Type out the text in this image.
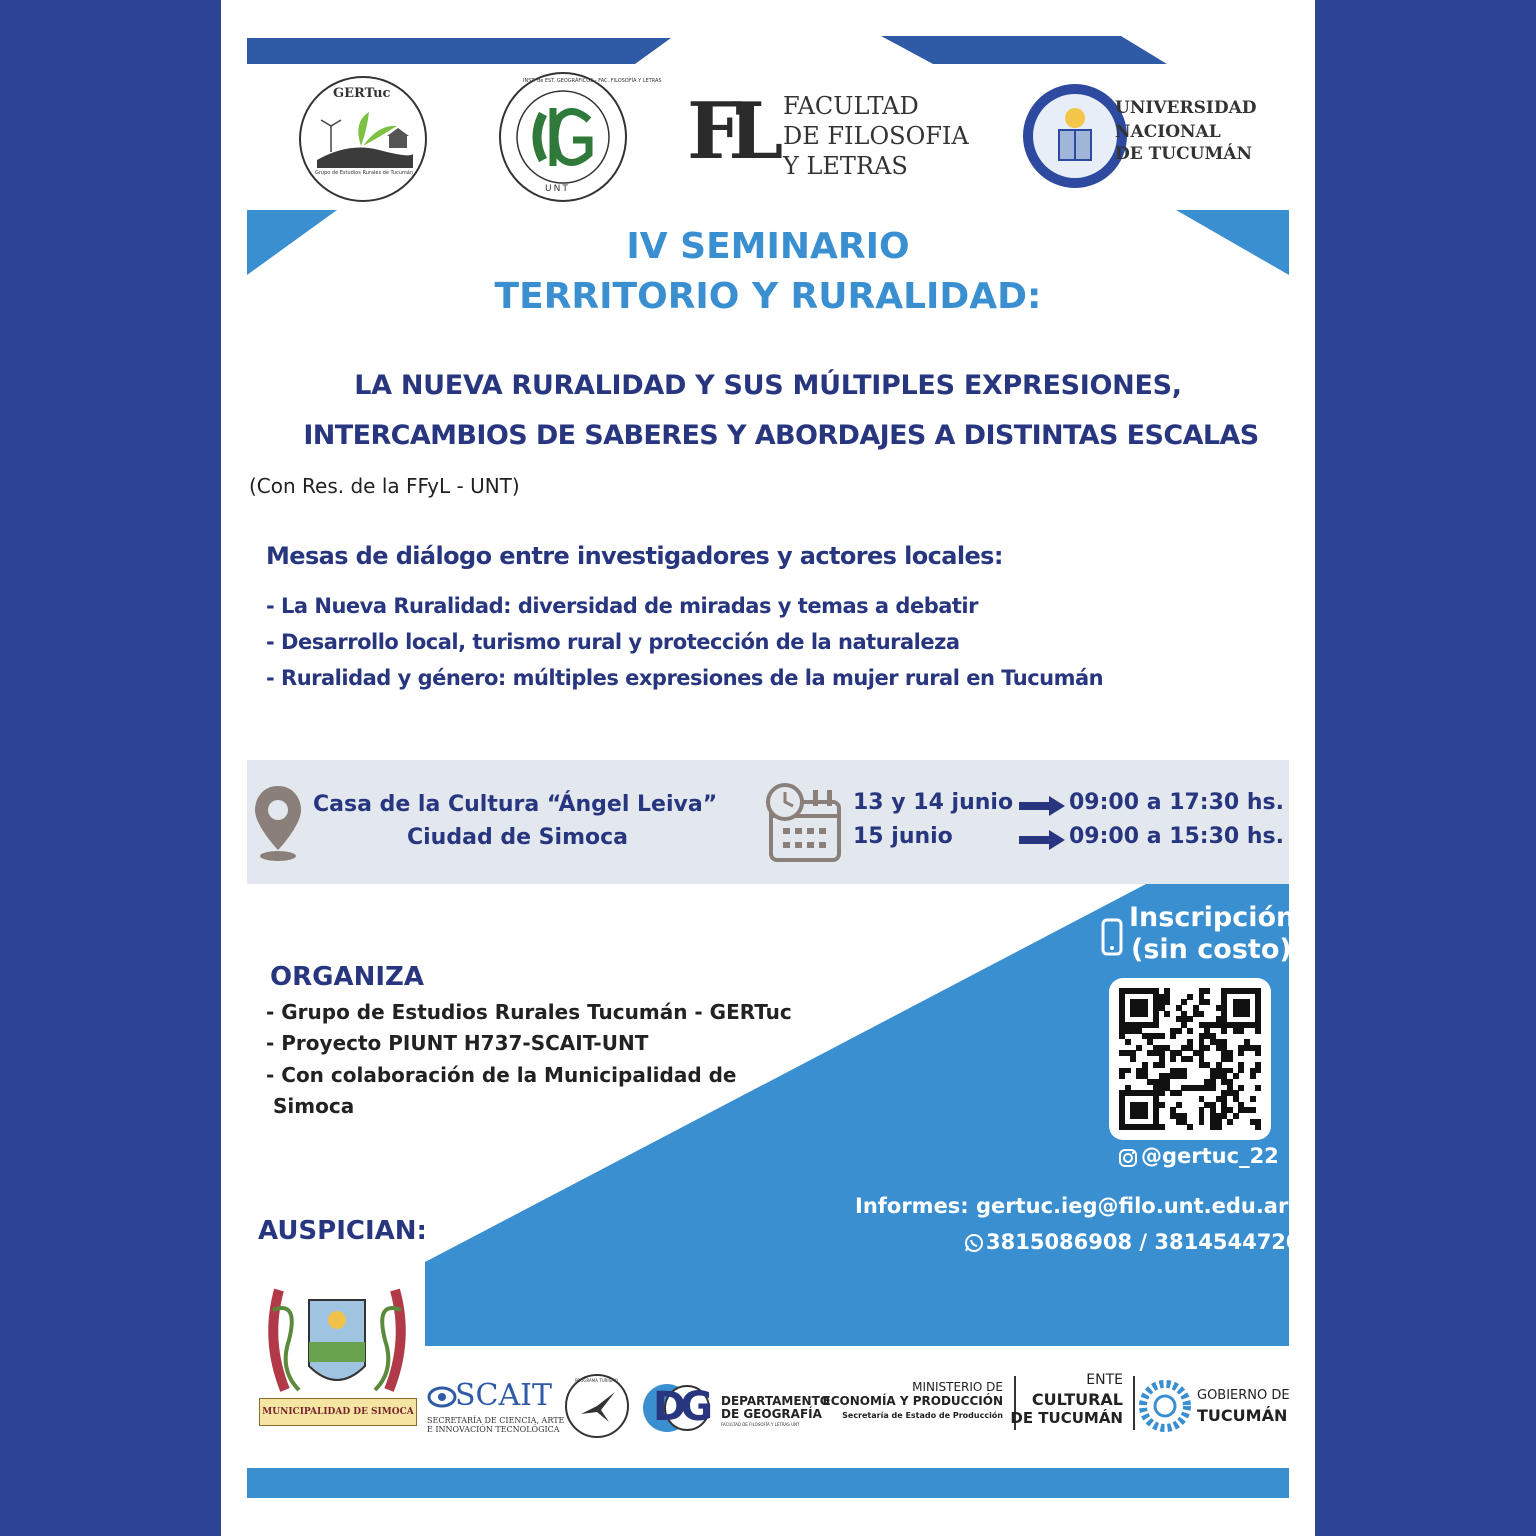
GERTuc
Grupo de Estudios Rurales de Tucumán
UNT
INST. de EST. GEOGRÁFICOS - FAC. FILOSOFÍA Y LETRAS
FL FACULTAD
DE FILOSOFIA
Y LETRAS
UNIVERSIDAD
NACIONAL
DE TUCUMÁN
IV SEMINARIO
TERRITORIO Y RURALIDAD:
LA NUEVA RURALIDAD Y SUS MÚLTIPLES EXPRESIONES,
INTERCAMBIOS DE SABERES Y ABORDAJES A DISTINTAS ESCALAS
(Con Res. de la FFyL - UNT)
Mesas de diálogo entre investigadores y actores locales:
- La Nueva Ruralidad: diversidad de miradas y temas a debatir
- Desarrollo local, turismo rural y protección de la naturaleza
- Ruralidad y género: múltiples expresiones de la mujer rural en Tucumán
Casa de la Cultura “Ángel Leiva”
Ciudad de Simoca
13 y 14 junio
15 junio
09:00 a 17:30 hs.
09:00 a 15:30 hs.
Inscripción
(sin costo)
@gertuc_22
ORGANIZA
- Grupo de Estudios Rurales Tucumán - GERTuc
- Proyecto PIUNT H737-SCAIT-UNT
- Con colaboración de la Municipalidad de
Simoca
Informes: gertuc.ieg@filo.unt.edu.ar
3815086908 / 3814544720
AUSPICIAN:
MUNICIPALIDAD DE SIMOCA SCAIT
SECRETARÍA DE CIENCIA, ARTE
E INNOVACIÓN TECNOLÓGICA
PROGRAMA TURISMO
DG DEPARTAMENTO
DE GEOGRAFÍA
FACULTAD DE FILOSOFÍA Y LETRAS UNT
MINISTERIO DE
ECONOMÍA Y PRODUCCIÓN
Secretaría de Estado de Producción
ENTE
CULTURAL
DE TUCUMÁN
GOBIERNO DE
TUCUMÁN
